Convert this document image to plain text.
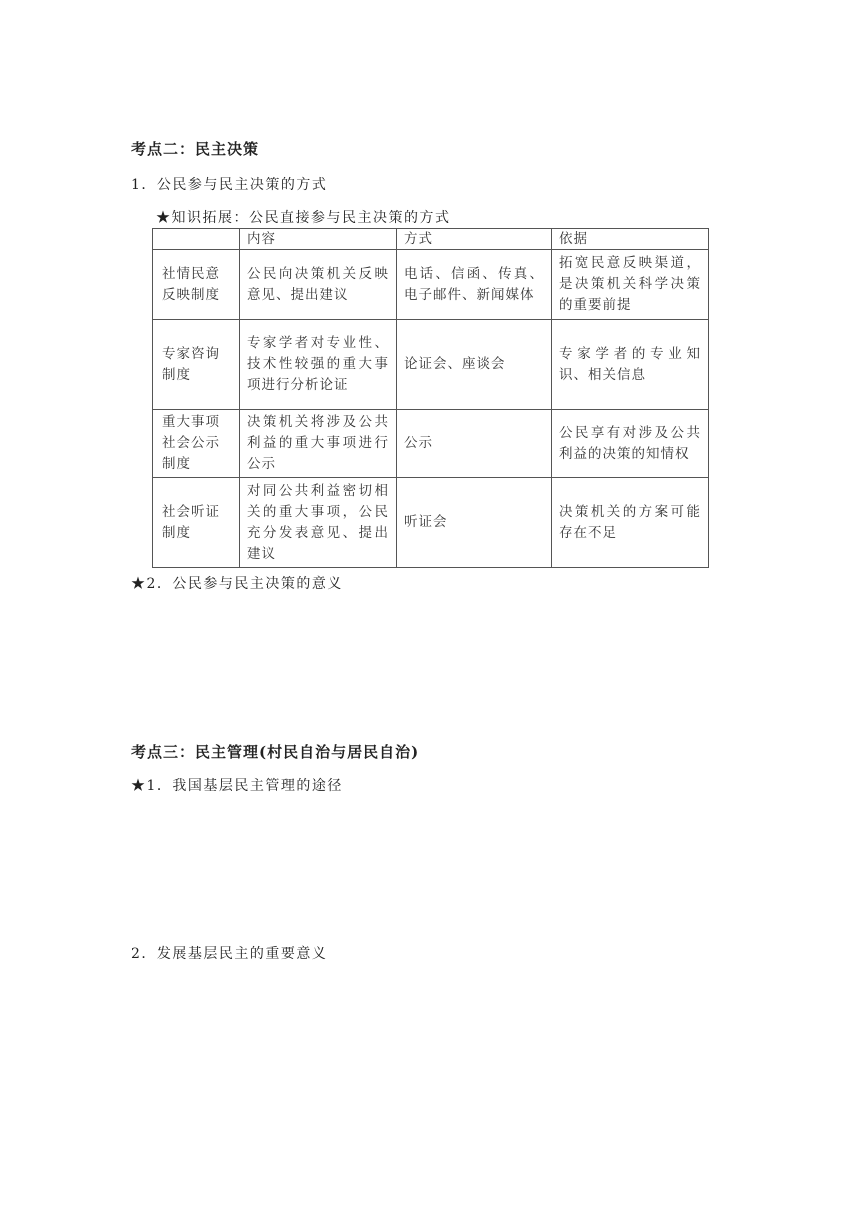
考点二：民主决策
1．公民参与民主决策的方式
★知识拓展：公民直接参与民主决策的方式
	内容	方式	依据
社情民意反映制度	公民向决策机关反映意见、提出建议	电话、信函、传真、电子邮件、新闻媒体	拓宽民意反映渠道，是决策机关科学决策的重要前提
专家咨询制度	专家学者对专业性、技术性较强的重大事项进行分析论证	论证会、座谈会	专家学者的专业知识、相关信息
重大事项社会公示制度	决策机关将涉及公共利益的重大事项进行公示	公示	公民享有对涉及公共利益的决策的知情权
社会听证制度	对同公共利益密切相关的重大事项，公民充分发表意见、提出建议	听证会	决策机关的方案可能存在不足
★2．公民参与民主决策的意义
考点三：民主管理(村民自治与居民自治)
★1．我国基层民主管理的途径
2．发展基层民主的重要意义
